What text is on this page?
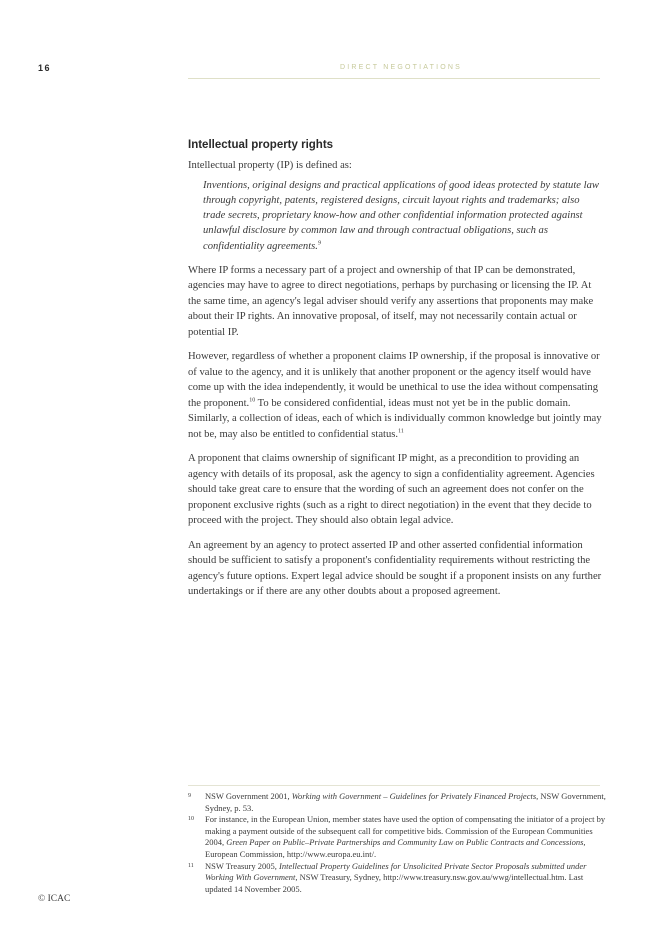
16	DIRECT NEGOTIATIONS
Intellectual property rights

Intellectual property (IP) is defined as:

Inventions, original designs and practical applications of good ideas protected by statute law through copyright, patents, registered designs, circuit layout rights and trademarks; also trade secrets, proprietary know-how and other confidential information protected against unlawful disclosure by common law and through contractual obligations, such as confidentiality agreements.$^9$

Where IP forms a necessary part of a project and ownership of that IP can be demonstrated, agencies may have to agree to direct negotiations, perhaps by purchasing or licensing the IP. At the same time, an agency's legal adviser should verify any assertions that proponents may make about their IP rights. An innovative proposal, of itself, may not necessarily contain actual or potential IP.

However, regardless of whether a proponent claims IP ownership, if the proposal is innovative or of value to the agency, and it is unlikely that another proponent or the agency itself would have come up with the idea independently, it would be unethical to use the idea without compensating the proponent.$^{10}$ To be considered confidential, ideas must not yet be in the public domain. Similarly, a collection of ideas, each of which is individually common knowledge but jointly may not be, may also be entitled to confidential status.$^{11}$

A proponent that claims ownership of significant IP might, as a precondition to providing an agency with details of its proposal, ask the agency to sign a confidentiality agreement. Agencies should take great care to ensure that the wording of such an agreement does not confer on the proponent exclusive rights (such as a right to direct negotiation) in the event that they decide to proceed with the project. They should also obtain legal advice.

An agreement by an agency to protect asserted IP and other asserted confidential information should be sufficient to satisfy a proponent's confidentiality requirements without restricting the agency's future options. Expert legal advice should be sought if a proponent insists on any further undertakings or if there are any other doubts about a proposed agreement.

9	NSW Government 2001, Working with Government – Guidelines for Privately Financed Projects, NSW Government, Sydney, p. 53.
10	For instance, in the European Union, member states have used the option of compensating the initiator of a project by making a payment outside of the subsequent call for competitive bids. Commission of the European Communities 2004, Green Paper on Public–Private Partnerships and Community Law on Public Contracts and Concessions, European Commission, http://www.europa.eu.int/.
11	NSW Treasury 2005, Intellectual Property Guidelines for Unsolicited Private Sector Proposals submitted under Working With Government, NSW Treasury, Sydney, http://www.treasury.nsw.gov.au/wwg/intellectual.htm. Last updated 14 November 2005.
© ICAC
